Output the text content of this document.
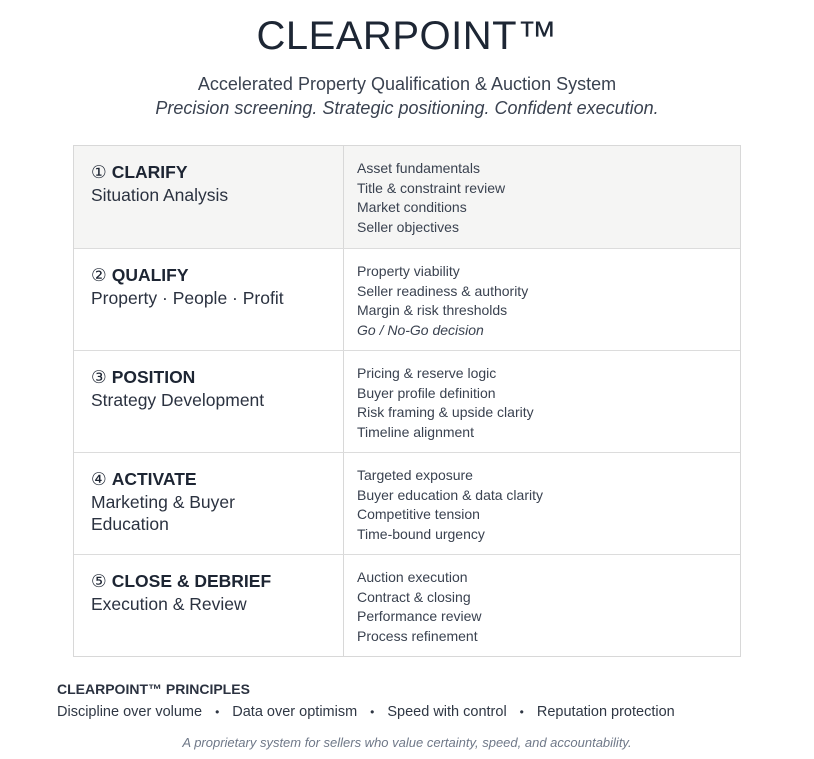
CLEARPOINT™
Accelerated Property Qualification & Auction System
Precision screening. Strategic positioning. Confident execution.
① CLARIFY
Situation Analysis
Asset fundamentals
Title & constraint review
Market conditions
Seller objectives
② QUALIFY
Property · People · Profit
Property viability
Seller readiness & authority
Margin & risk thresholds
Go / No-Go decision
③ POSITION
Strategy Development
Pricing & reserve logic
Buyer profile definition
Risk framing & upside clarity
Timeline alignment
④ ACTIVATE
Marketing & Buyer Education
Targeted exposure
Buyer education & data clarity
Competitive tension
Time-bound urgency
⑤ CLOSE & DEBRIEF
Execution & Review
Auction execution
Contract & closing
Performance review
Process refinement
CLEARPOINT™ PRINCIPLES
Discipline over volume • Data over optimism • Speed with control • Reputation protection
A proprietary system for sellers who value certainty, speed, and accountability.
